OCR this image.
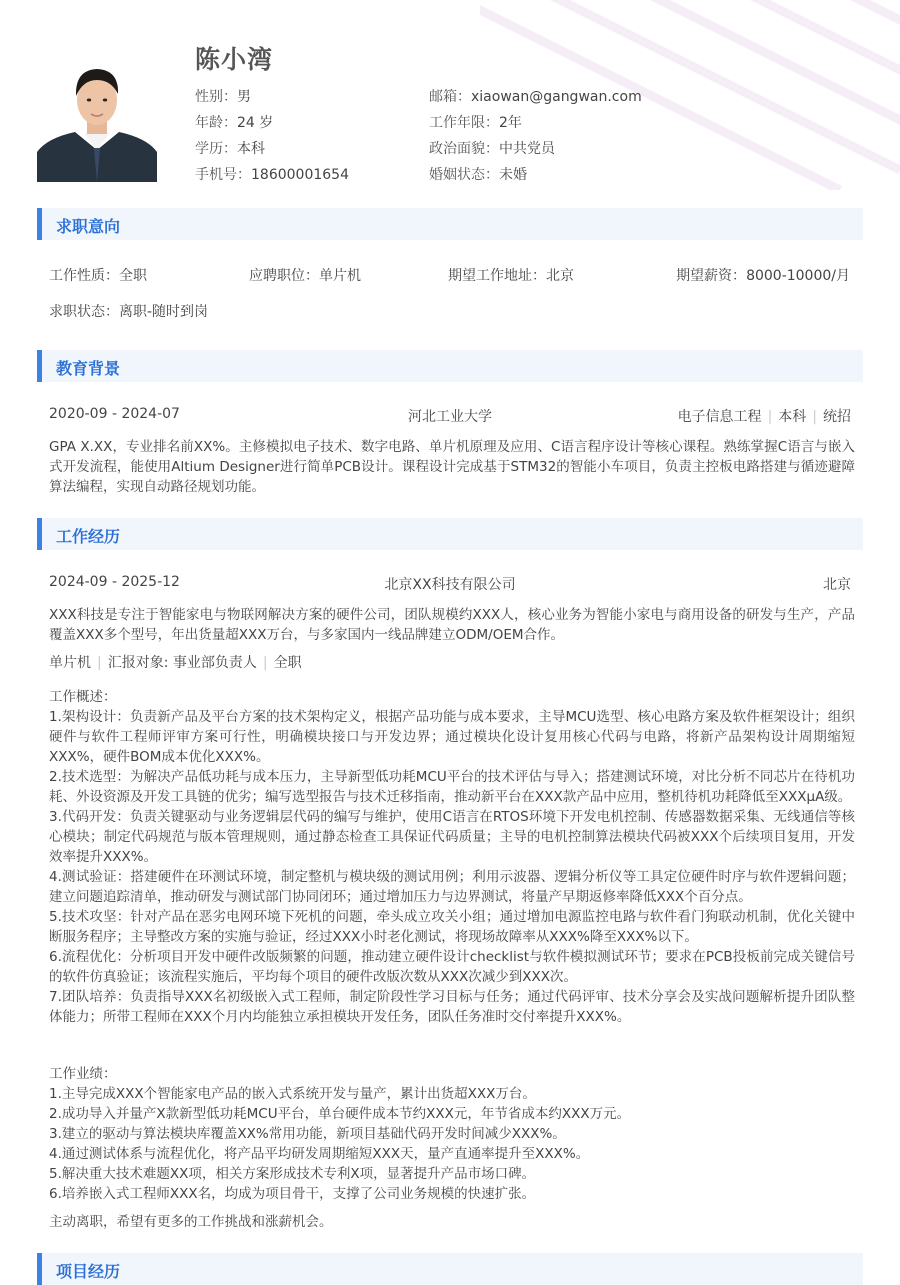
陈小湾
性别：男	邮箱：xiaowan@gangwan.com
年龄：24 岁	工作年限：2年
学历：本科	政治面貌：中共党员
手机号：18600001654	婚姻状态：未婚
求职意向
工作性质：全职	应聘职位：单片机	期望工作地址：北京	期望薪资：8000-10000/月
求职状态：离职-随时到岗
教育背景
2020-09 - 2024-07	河北工业大学	电子信息工程 | 本科 | 统招
GPA X.XX，专业排名前XX%。主修模拟电子技术、数字电路、单片机原理及应用、C语言程序设计等核心课程。熟练掌握C语言与嵌入式开发流程，能使用Altium Designer进行简单PCB设计。课程设计完成基于STM32的智能小车项目，负责主控板电路搭建与循迹避障算法编程，实现自动路径规划功能。
工作经历
2024-09 - 2025-12	北京XX科技有限公司	北京
XXX科技是专注于智能家电与物联网解决方案的硬件公司，团队规模约XXX人，核心业务为智能小家电与商用设备的研发与生产，产品覆盖XXX多个型号，年出货量超XXX万台，与多家国内一线品牌建立ODM/OEM合作。
单片机 | 汇报对象: 事业部负责人 | 全职

工作概述：

1.架构设计：负责新产品及平台方案的技术架构定义，根据产品功能与成本要求，主导MCU选型、核心电路方案及软件框架设计；组织硬件与软件工程师评审方案可行性，明确模块接口与开发边界；通过模块化设计复用核心代码与电路，将新产品架构设计周期缩短XXX%，硬件BOM成本优化XXX%。

2.技术选型：为解决产品低功耗与成本压力，主导新型低功耗MCU平台的技术评估与导入；搭建测试环境，对比分析不同芯片在待机功耗、外设资源及开发工具链的优劣；编写选型报告与技术迁移指南，推动新平台在XXX款产品中应用，整机待机功耗降低至XXXμA级。

3.代码开发：负责关键驱动与业务逻辑层代码的编写与维护，使用C语言在RTOS环境下开发电机控制、传感器数据采集、无线通信等核心模块；制定代码规范与版本管理规则，通过静态检查工具保证代码质量；主导的电机控制算法模块代码被XXX个后续项目复用，开发效率提升XXX%。

4.测试验证：搭建硬件在环测试环境，制定整机与模块级的测试用例；利用示波器、逻辑分析仪等工具定位硬件时序与软件逻辑问题；建立问题追踪清单，推动研发与测试部门协同闭环；通过增加压力与边界测试，将量产早期返修率降低XXX个百分点。

5.技术攻坚：针对产品在恶劣电网环境下死机的问题，牵头成立攻关小组；通过增加电源监控电路与软件看门狗联动机制，优化关键中断服务程序；主导整改方案的实施与验证，经过XXX小时老化测试，将现场故障率从XXX%降至XXX%以下。

6.流程优化：分析项目开发中硬件改版频繁的问题，推动建立硬件设计checklist与软件模拟测试环节；要求在PCB投板前完成关键信号的软件仿真验证；该流程实施后，平均每个项目的硬件改版次数从XXX次减少到XXX次。

7.团队培养：负责指导XXX名初级嵌入式工程师，制定阶段性学习目标与任务；通过代码评审、技术分享会及实战问题解析提升团队整体能力；所带工程师在XXX个月内均能独立承担模块开发任务，团队任务准时交付率提升XXX%。

工作业绩：

1.主导完成XXX个智能家电产品的嵌入式系统开发与量产，累计出货超XXX万台。

2.成功导入并量产X款新型低功耗MCU平台，单台硬件成本节约XXX元，年节省成本约XXX万元。

3.建立的驱动与算法模块库覆盖XX%常用功能，新项目基础代码开发时间减少XXX%。

4.通过测试体系与流程优化，将产品平均研发周期缩短XXX天，量产直通率提升至XXX%。

5.解决重大技术难题XX项，相关方案形成技术专利X项，显著提升产品市场口碑。

6.培养嵌入式工程师XXX名，均成为项目骨干，支撑了公司业务规模的快速扩张。

主动离职，希望有更多的工作挑战和涨薪机会。
项目经历
